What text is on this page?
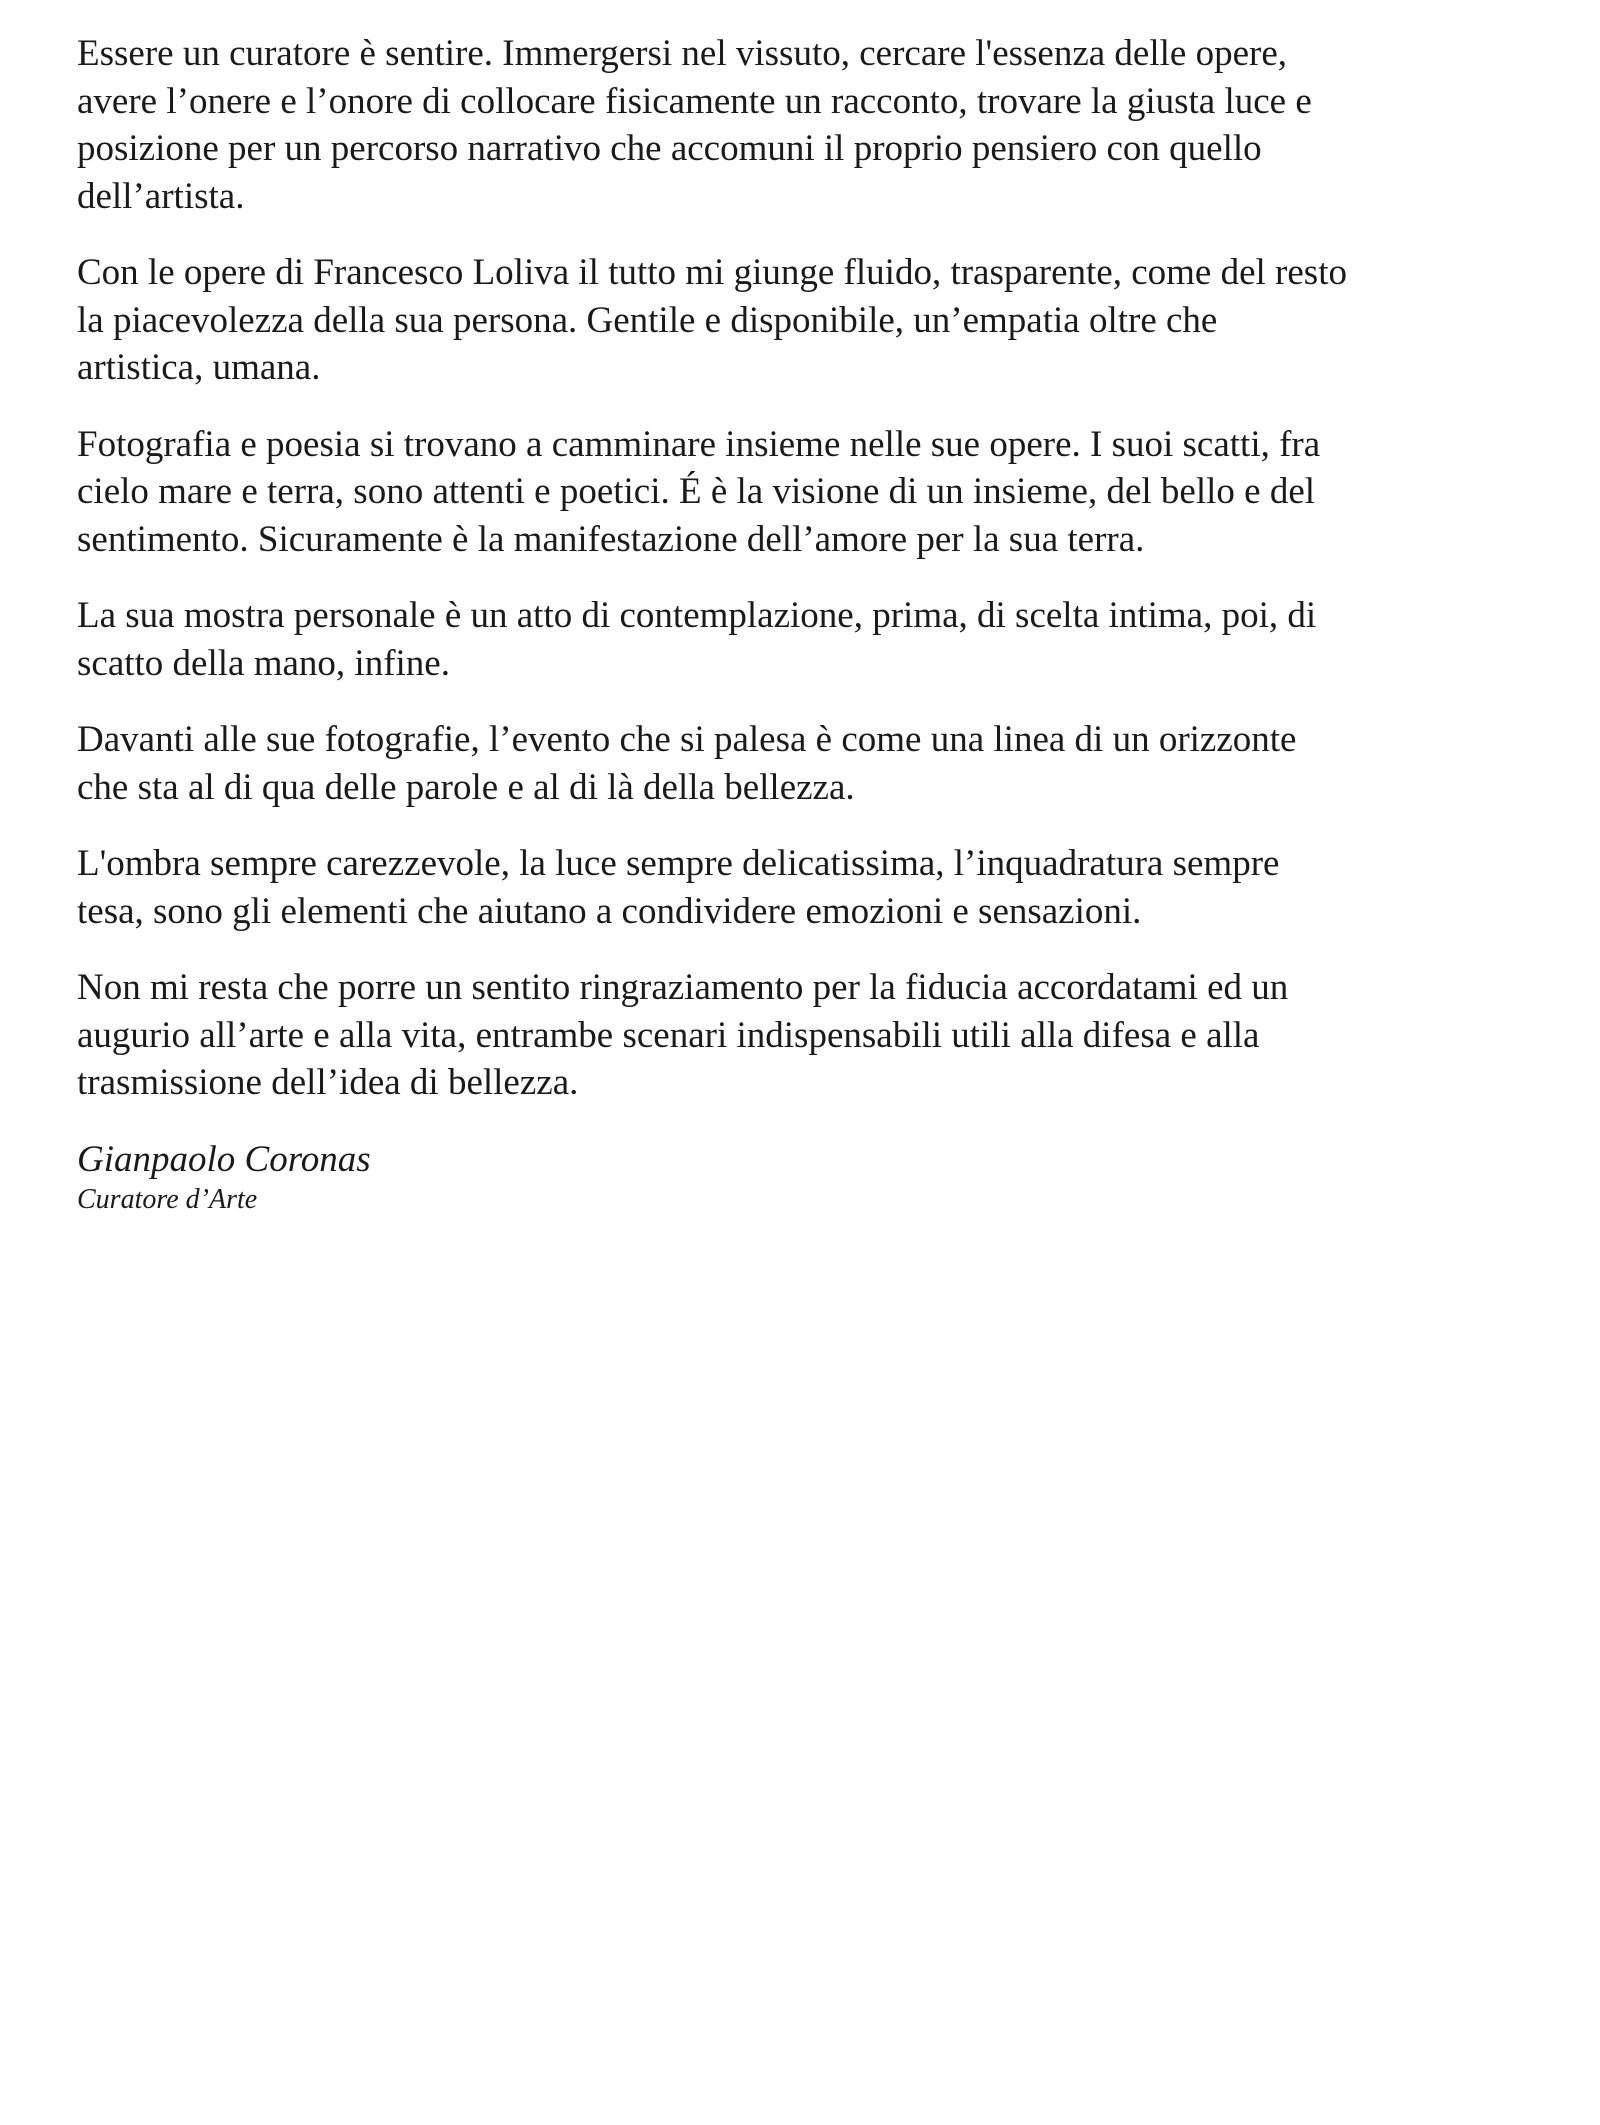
Essere un curatore è sentire. Immergersi nel vissuto, cercare l'essenza delle opere,
avere l’onere e l’onore di collocare fisicamente un racconto, trovare la giusta luce e
posizione per un percorso narrativo che accomuni il proprio pensiero con quello
dell’artista.

Con le opere di Francesco Loliva il tutto mi giunge fluido, trasparente, come del resto
la piacevolezza della sua persona. Gentile e disponibile, un’empatia oltre che
artistica, umana.

Fotografia e poesia si trovano a camminare insieme nelle sue opere. I suoi scatti, fra
cielo mare e terra, sono attenti e poetici. É è la visione di un insieme, del bello e del
sentimento. Sicuramente è la manifestazione dell’amore per la sua terra.

La sua mostra personale è un atto di contemplazione, prima, di scelta intima, poi, di
scatto della mano, infine.

Davanti alle sue fotografie, l’evento che si palesa è come una linea di un orizzonte
che sta al di qua delle parole e al di là della bellezza.

L'ombra sempre carezzevole, la luce sempre delicatissima, l’inquadratura sempre
tesa, sono gli elementi che aiutano a condividere emozioni e sensazioni.

Non mi resta che porre un sentito ringraziamento per la fiducia accordatami ed un
augurio all’arte e alla vita, entrambe scenari indispensabili utili alla difesa e alla
trasmissione dell’idea di bellezza.

Gianpaolo Coronas

Curatore d’Arte
